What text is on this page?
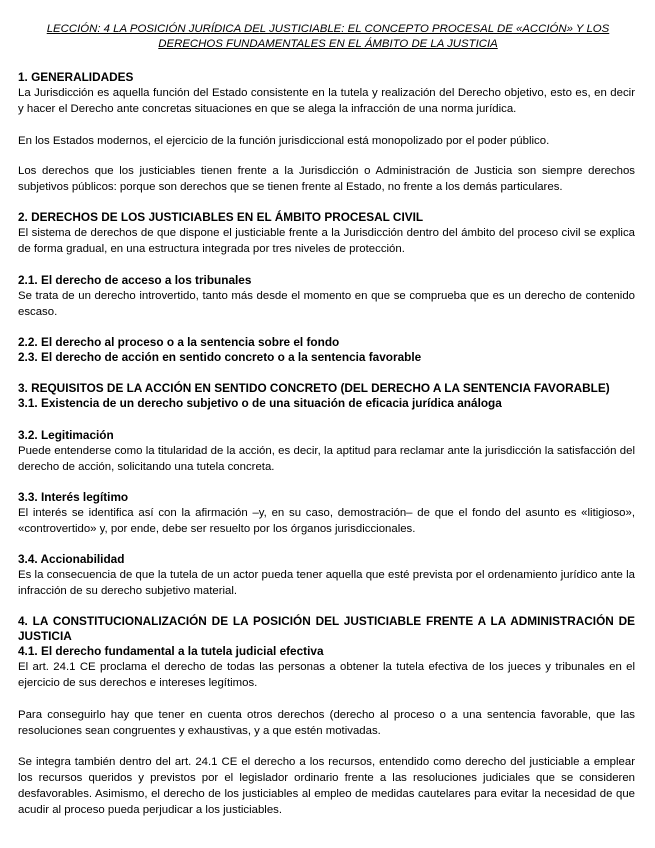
LECCIÓN: 4 LA POSICIÓN JURÍDICA DEL JUSTICIABLE: EL CONCEPTO PROCESAL DE «ACCIÓN» Y LOS
DERECHOS FUNDAMENTALES EN EL ÁMBITO DE LA JUSTICIA

1. GENERALIDADES

La Jurisdicción es aquella función del Estado consistente en la tutela y realización del Derecho objetivo, esto es, en decir y hacer el Derecho ante concretas situaciones en que se alega la infracción de una norma jurídica.

En los Estados modernos, el ejercicio de la función jurisdiccional está monopolizado por el poder público.

Los derechos que los justiciables tienen frente a la Jurisdicción o Administración de Justicia son siempre derechos subjetivos públicos: porque son derechos que se tienen frente al Estado, no frente a los demás particulares.

2. DERECHOS DE LOS JUSTICIABLES EN EL ÁMBITO PROCESAL CIVIL

El sistema de derechos de que dispone el justiciable frente a la Jurisdicción dentro del ámbito del proceso civil se explica de forma gradual, en una estructura integrada por tres niveles de protección.

2.1. El derecho de acceso a los tribunales

Se trata de un derecho introvertido, tanto más desde el momento en que se comprueba que es un derecho de contenido escaso.

2.2. El derecho al proceso o a la sentencia sobre el fondo

2.3. El derecho de acción en sentido concreto o a la sentencia favorable

3. REQUISITOS DE LA ACCIÓN EN SENTIDO CONCRETO (DEL DERECHO A LA SENTENCIA FAVORABLE)

3.1. Existencia de un derecho subjetivo o de una situación de eficacia jurídica análoga

3.2. Legitimación

Puede entenderse como la titularidad de la acción, es decir, la aptitud para reclamar ante la jurisdicción la satisfacción del derecho de acción, solicitando una tutela concreta.

3.3. Interés legítimo

El interés se identifica así con la afirmación –y, en su caso, demostración– de que el fondo del asunto es «litigioso», «controvertido» y, por ende, debe ser resuelto por los órganos jurisdiccionales.

3.4. Accionabilidad

Es la consecuencia de que la tutela de un actor pueda tener aquella que esté prevista por el ordenamiento jurídico ante la infracción de su derecho subjetivo material.

4. LA CONSTITUCIONALIZACIÓN DE LA POSICIÓN DEL JUSTICIABLE FRENTE A LA ADMINISTRACIÓN DE JUSTICIA

4.1. El derecho fundamental a la tutela judicial efectiva

El art. 24.1 CE proclama el derecho de todas las personas a obtener la tutela efectiva de los jueces y tribunales en el ejercicio de sus derechos e intereses legítimos.

Para conseguirlo hay que tener en cuenta otros derechos (derecho al proceso o a una sentencia favorable, que las resoluciones sean congruentes y exhaustivas, y a que estén motivadas.

Se integra también dentro del art. 24.1 CE el derecho a los recursos, entendido como derecho del justiciable a emplear los recursos queridos y previstos por el legislador ordinario frente a las resoluciones judiciales que se consideren desfavorables. Asimismo, el derecho de los justiciables al empleo de medidas cautelares para evitar la necesidad de que acudir al proceso pueda perjudicar a los justiciables.
